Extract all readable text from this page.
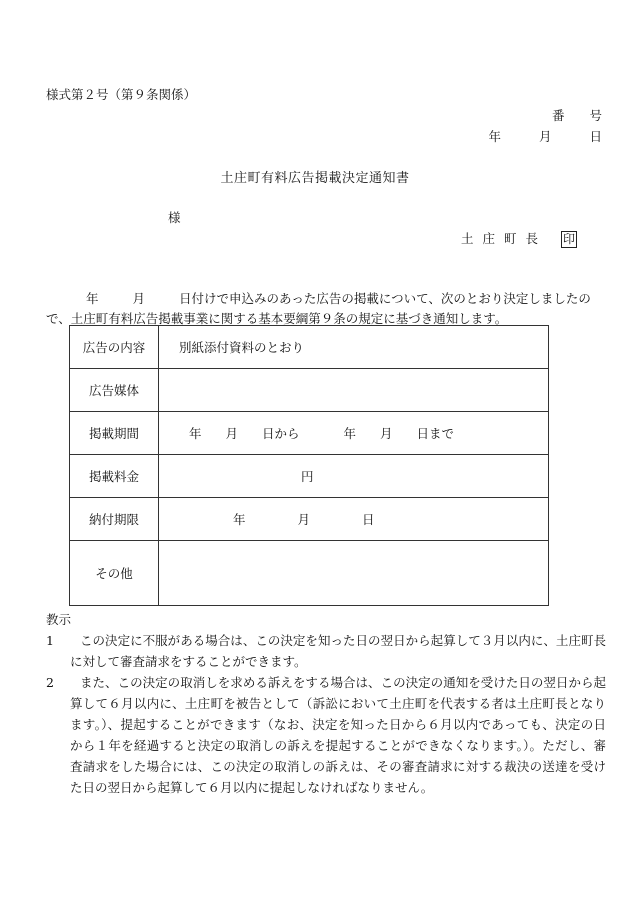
様式第２号（第９条関係）
番　　号
年	月	日
土庄町有料広告掲載決定通知書
様
土 庄 町 長 印

年	月	日付けで申込みのあった広告の掲載について、次のとおり決定しましたので、土庄町有料広告掲載事業に関する基本要綱第９条の規定に基づき通知します。

広告の内容	別紙添付資料のとおり
広告媒体	
掲載期間	年 月 日から 年 月 日まで
掲載料金	円
納付期限	年 月 日
その他	
教示
1	この決定に不服がある場合は、この決定を知った日の翌日から起算して３月以内に、土庄町長に対して審査請求をすることができます。
2	また、この決定の取消しを求める訴えをする場合は、この決定の通知を受けた日の翌日から起算して６月以内に、土庄町を被告として（訴訟において土庄町を代表する者は土庄町長となります。）、提起することができます（なお、決定を知った日から６月以内であっても、決定の日から１年を経過すると決定の取消しの訴えを提起することができなくなります。）。ただし、審査請求をした場合には、この決定の取消しの訴えは、その審査請求に対する裁決の送達を受けた日の翌日から起算して６月以内に提起しなければなりません。
